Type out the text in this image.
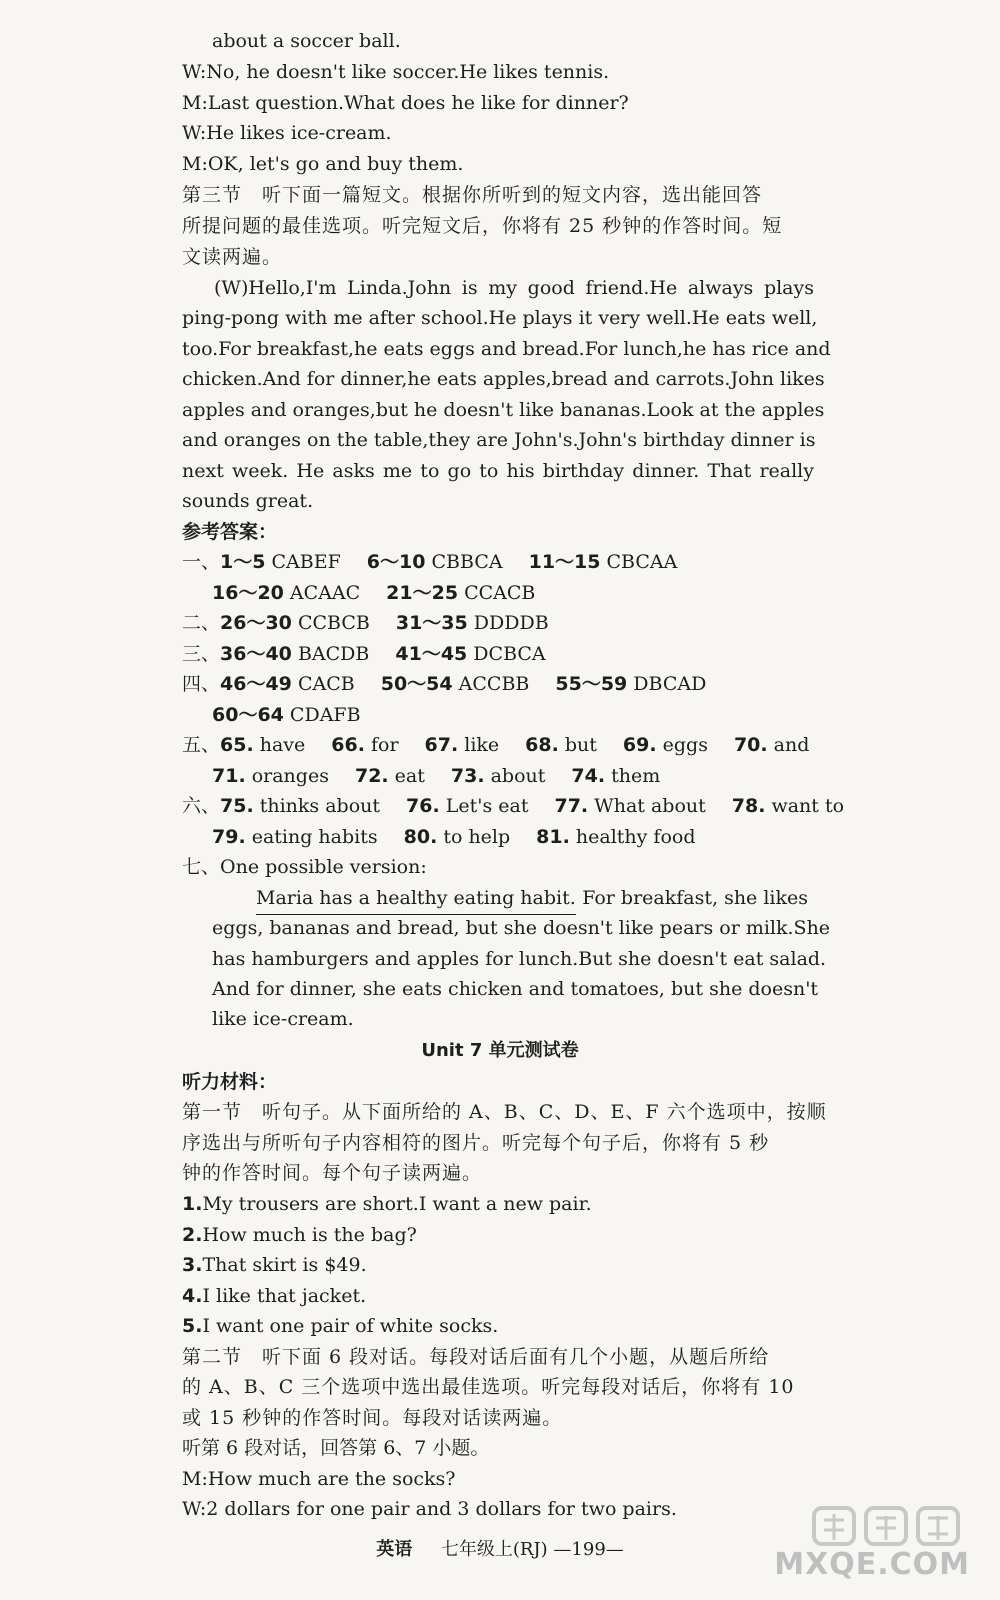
about a soccer ball.
W:No, he doesn't like soccer.He likes tennis.
M:Last question.What does he like for dinner?
W:He likes ice-cream.
M:OK, let's go and buy them.
第三节　听下面一篇短文。根据你所听到的短文内容，选出能回答
所提问题的最佳选项。听完短文后，你将有 25 秒钟的作答时间。短
文读两遍。
(W)Hello,I'm Linda.John is my good friend.He always plays
ping-pong with me after school.He plays it very well.He eats well,
too.For breakfast,he eats eggs and bread.For lunch,he has rice and
chicken.And for dinner,he eats apples,bread and carrots.John likes
apples and oranges,but he doesn't like bananas.Look at the apples
and oranges on the table,they are John's.John's birthday dinner is
next week. He asks me to go to his birthday dinner. That really
sounds great.
参考答案：
一、1～5 CABEF 6～10 CBBCA 11～15 CBCAA
16～20 ACAAC 21～25 CCACB
二、26～30 CCBCB 31～35 DDDDB
三、36～40 BACDB 41～45 DCBCA
四、46～49 CACB 50～54 ACCBB 55～59 DBCAD
60～64 CDAFB
五、65. have 66. for 67. like 68. but 69. eggs 70. and
71. oranges 72. eat 73. about 74. them
六、75. thinks about 76. Let's eat 77. What about 78. want to
79. eating habits 80. to help 81. healthy food
七、One possible version:
Maria has a healthy eating habit. For breakfast, she likes
eggs, bananas and bread, but she doesn't like pears or milk.She
has hamburgers and apples for lunch.But she doesn't eat salad.
And for dinner, she eats chicken and tomatoes, but she doesn't
like ice-cream.
Unit 7 单元测试卷
听力材料：
第一节　听句子。从下面所给的 A、B、C、D、E、F 六个选项中，按顺
序选出与所听句子内容相符的图片。听完每个句子后，你将有 5 秒
钟的作答时间。每个句子读两遍。
1.My trousers are short.I want a new pair.
2.How much is the bag?
3.That skirt is $49.
4.I like that jacket.
5.I want one pair of white socks.
第二节　听下面 6 段对话。每段对话后面有几个小题，从题后所给
的 A、B、C 三个选项中选出最佳选项。听完每段对话后，你将有 10
或 15 秒钟的作答时间。每段对话读两遍。
听第 6 段对话，回答第 6、7 小题。
M:How much are the socks?
W:2 dollars for one pair and 3 dollars for two pairs.
英语 七年级上(RJ) —199—	MXQE.COM
